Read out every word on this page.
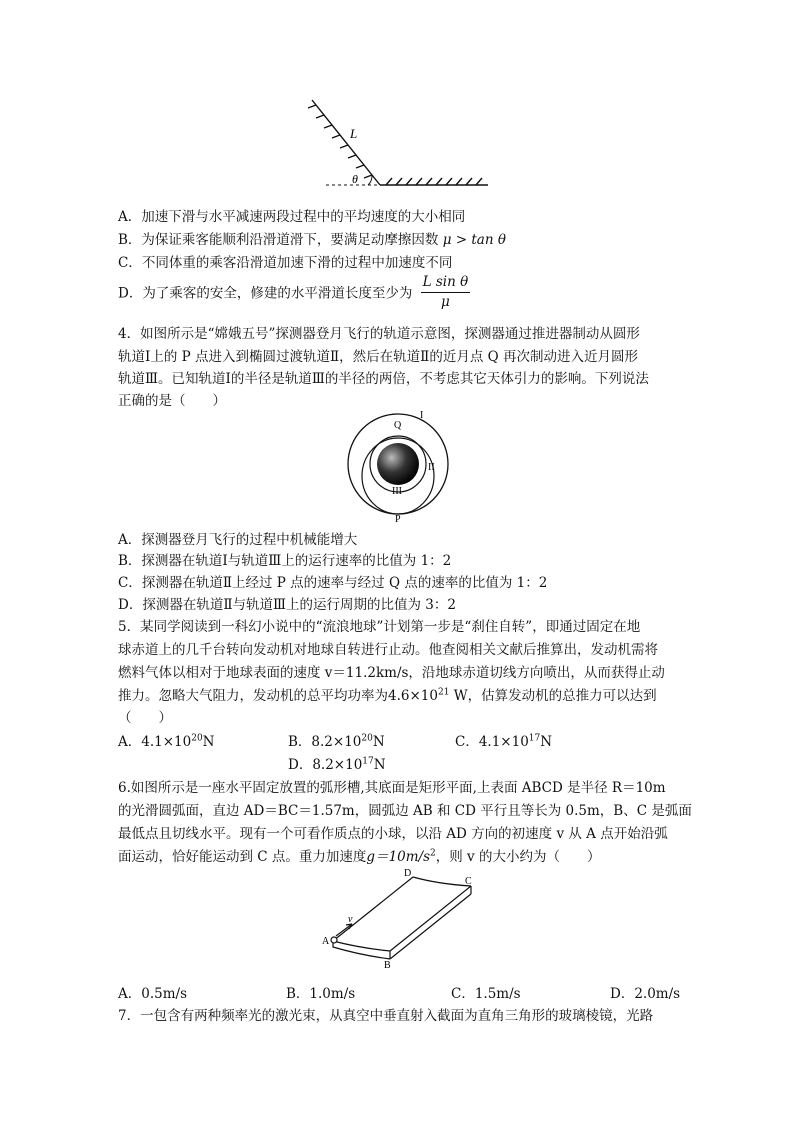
L
θ
A．加速下滑与水平减速两段过程中的平均速度的大小相同
B．为保证乘客能顺利沿滑道滑下，要满足动摩擦因数 μ > tan θ
C．不同体重的乘客沿滑道加速下滑的过程中加速度不同
D．为了乘客的安全，修建的水平滑道长度至少为 $\frac{\text{L sin θ}}{\mu}$
4．如图所示是“嫦娥五号”探测器登月飞行的轨道示意图，探测器通过推进器制动从圆形
轨道Ⅰ上的 P 点进入到椭圆过渡轨道Ⅱ，然后在轨道Ⅱ的近月点 Q 再次制动进入近月圆形
轨道Ⅲ。已知轨道Ⅰ的半径是轨道Ⅲ的半径的两倍，不考虑其它天体引力的影响。下列说法
正确的是（　　）
I
II
III
Q
P
A．探测器登月飞行的过程中机械能增大
B．探测器在轨道Ⅰ与轨道Ⅲ上的运行速率的比值为 1：2
C．探测器在轨道Ⅱ上经过 P 点的速率与经过 Q 点的速率的比值为 1：2
D．探测器在轨道Ⅱ与轨道Ⅲ上的运行周期的比值为 3：2
5．某同学阅读到一科幻小说中的“流浪地球”计划第一步是“刹住自转”，即通过固定在地
球赤道上的几千台转向发动机对地球自转进行止动。他查阅相关文献后推算出，发动机需将
燃料气体以相对于地球表面的速度 v＝11.2km/s，沿地球赤道切线方向喷出，从而获得止动
推力。忽略大气阻力，发动机的总平均功率为$4.6\times 10^{21}$ W，估算发动机的总推力可以达到
（　　）
A．$4.1\times 10^{20}N$	B．$8.2\times 10^{20}N$	C．$4.1\times 10^{17}N$
D．$8.2\times 10^{17}N$
6.如图所示是一座水平固定放置的弧形槽,其底面是矩形平面,上表面 ABCD 是半径 R＝10m
的光滑圆弧面，直边 AD＝BC＝1.57m，圆弧边 AB 和 CD 平行且等长为 0.5m，B、C 是弧面
最低点且切线水平。现有一个可看作质点的小球，以沿 AD 方向的初速度 v 从 A 点开始沿弧
面运动，恰好能运动到 C 点。重力加速度$g=10m/s^2$，则 v 的大小约为（　　）
A
B
C
D
v
A．0.5m/s	B．1.0m/s	C．1.5m/s	D．2.0m/s
7．一包含有两种频率光的激光束，从真空中垂直射入截面为直角三角形的玻璃棱镜，光路
